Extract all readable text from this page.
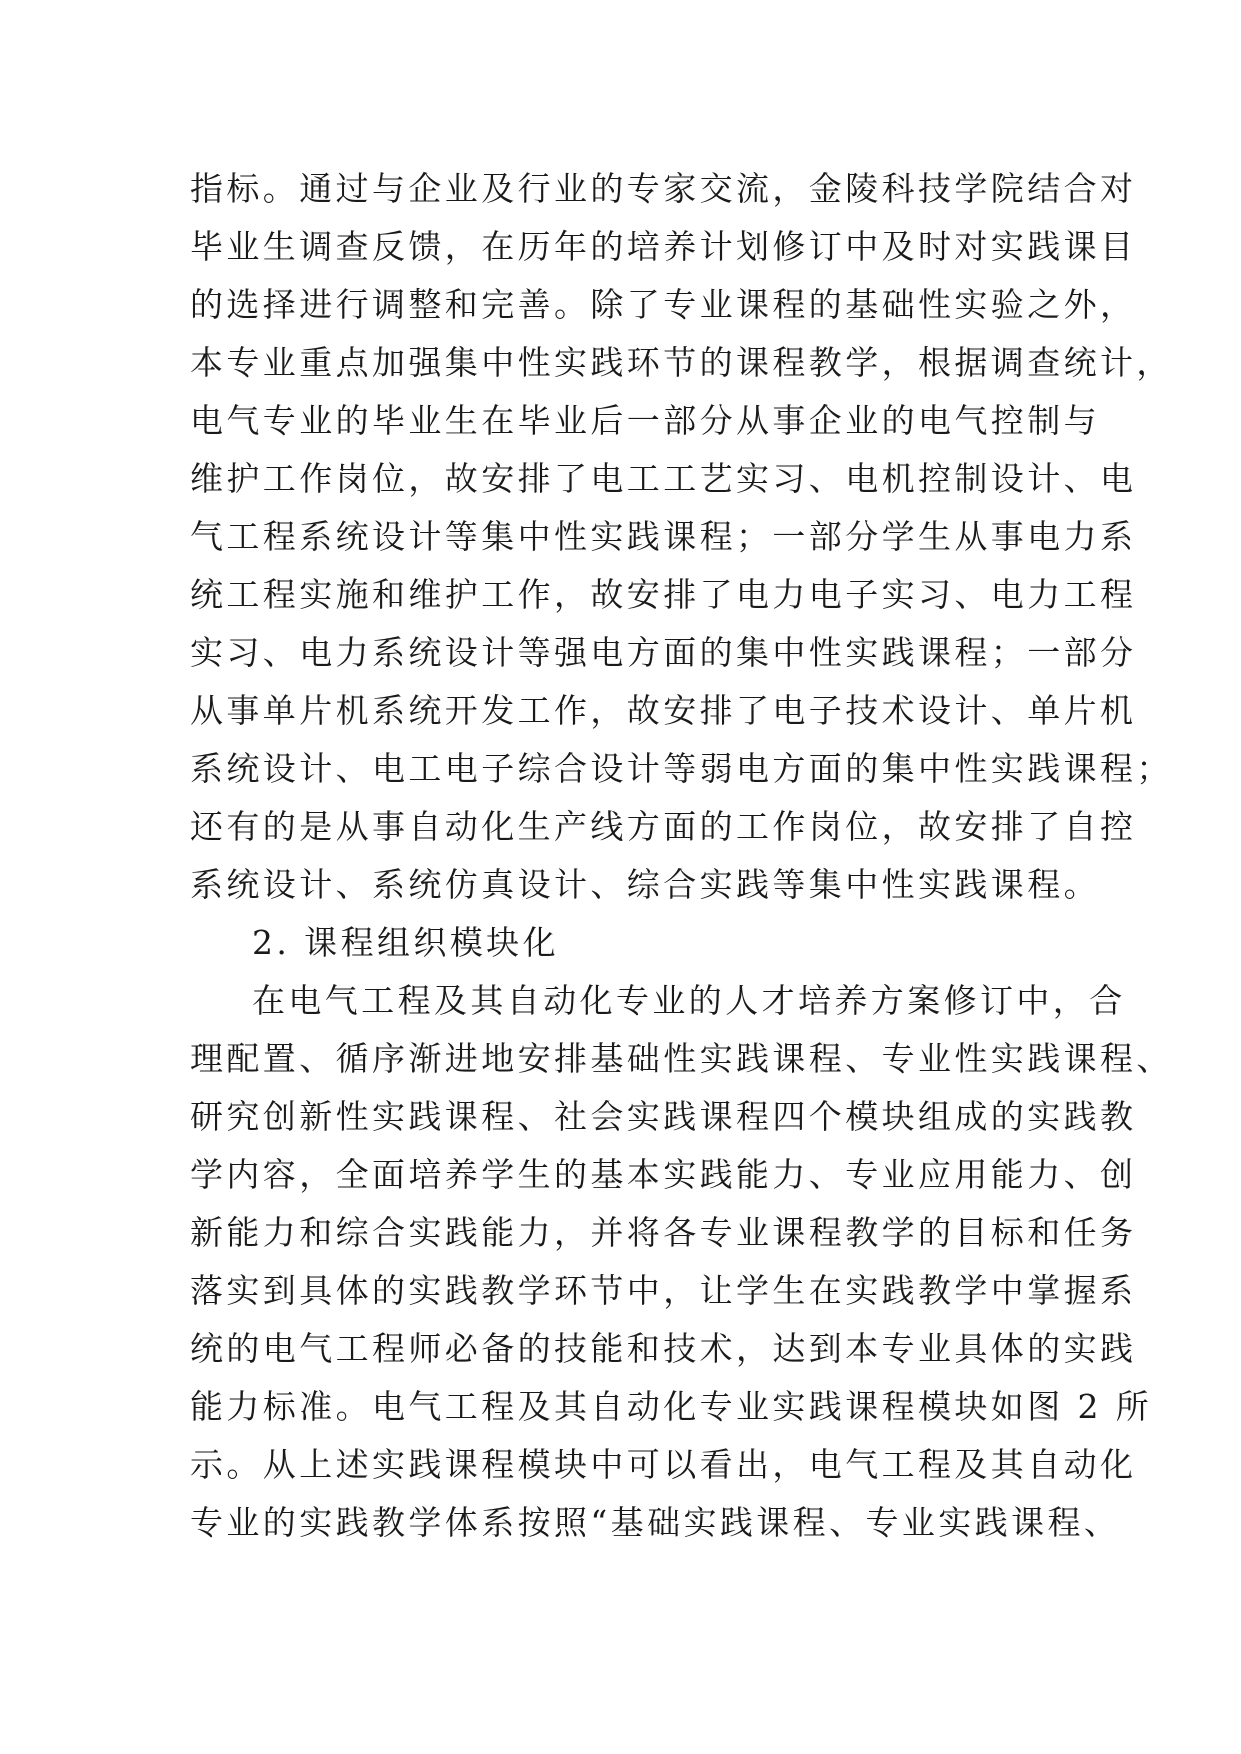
指标。通过与企业及行业的专家交流，金陵科技学院结合对
毕业生调查反馈，在历年的培养计划修订中及时对实践课目
的选择进行调整和完善。除了专业课程的基础性实验之外，
本专业重点加强集中性实践环节的课程教学，根据调查统计，
电气专业的毕业生在毕业后一部分从事企业的电气控制与
维护工作岗位，故安排了电工工艺实习、电机控制设计、电
气工程系统设计等集中性实践课程；一部分学生从事电力系
统工程实施和维护工作，故安排了电力电子实习、电力工程
实习、电力系统设计等强电方面的集中性实践课程；一部分
从事单片机系统开发工作，故安排了电子技术设计、单片机
系统设计、电工电子综合设计等弱电方面的集中性实践课程；
还有的是从事自动化生产线方面的工作岗位，故安排了自控
系统设计、系统仿真设计、综合实践等集中性实践课程。
2. 课程组织模块化
在电气工程及其自动化专业的人才培养方案修订中，合
理配置、循序渐进地安排基础性实践课程、专业性实践课程、
研究创新性实践课程、社会实践课程四个模块组成的实践教
学内容，全面培养学生的基本实践能力、专业应用能力、创
新能力和综合实践能力，并将各专业课程教学的目标和任务
落实到具体的实践教学环节中，让学生在实践教学中掌握系
统的电气工程师必备的技能和技术，达到本专业具体的实践
能力标准。电气工程及其自动化专业实践课程模块如图 2 所
示。从上述实践课程模块中可以看出，电气工程及其自动化
专业的实践教学体系按照“基础实践课程、专业实践课程、
